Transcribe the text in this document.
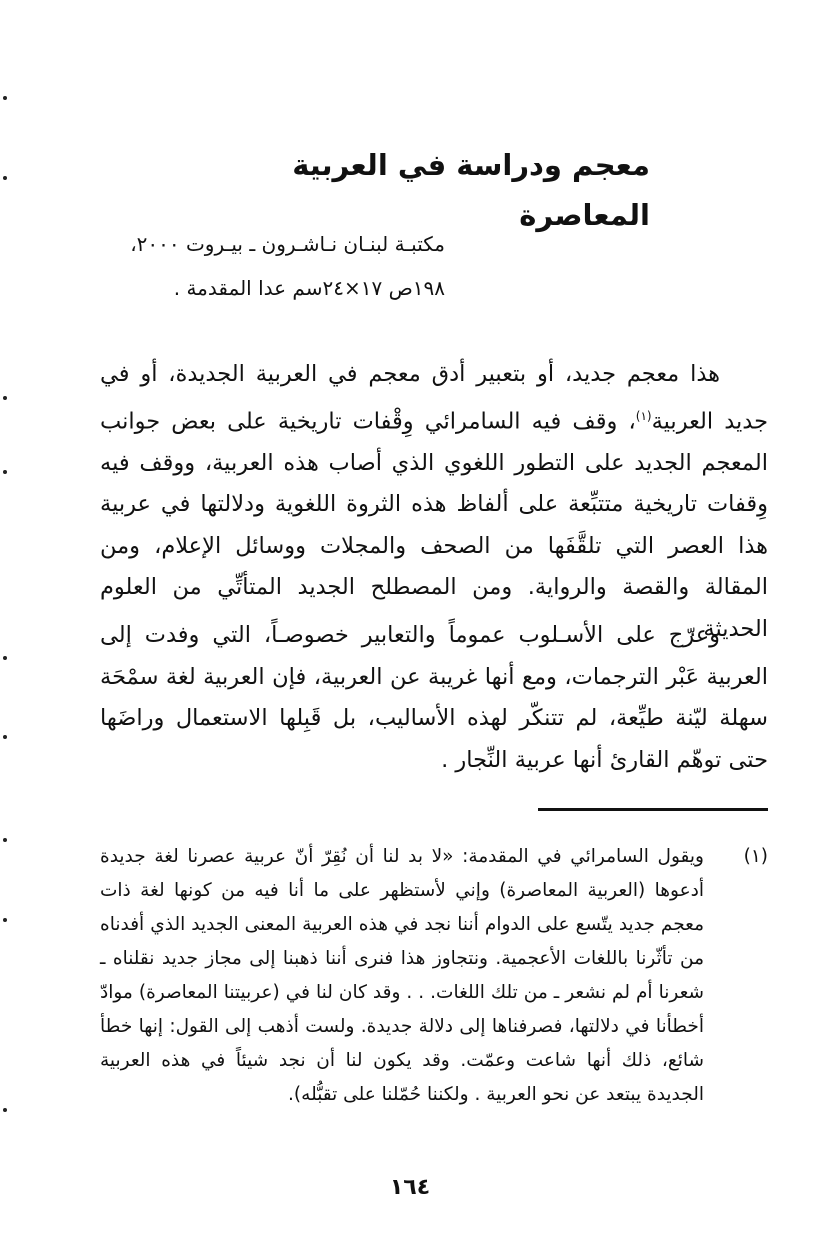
معجم ودراسة في العربية المعاصرة
مكتبـة لبنـان نـاشـرون ـ بيـروت ٢٠٠٠،
١٩٨ص ١٧×٢٤سم عدا المقدمة .

هذا معجم جديد، أو بتعبير أدق معجم في العربية الجديدة، أو في جديد العربية$^{(١)}$، وقف فيه السامرائي وِقْفات تاريخية على بعض جوانب المعجم الجديد على التطور اللغوي الذي أصاب هذه العربية، ووقف فيه وِقفات تاريخية متتبِّعة على ألفاظ هذه الثروة اللغوية ودلالتها في عربية هذا العصر التي تلقَّفَها من الصحف والمجلات ووسائل الإعلام، ومن المقالة والقصة والرواية. ومن المصطلح الجديد المتأتِّي من العلوم الحديثة .

وعرّج على الأسـلوب عموماً والتعابير خصوصـاً، التي وفدت إلى العربية عَبْر الترجمات، ومع أنها غريبة عن العربية، فإن العربية لغة سمْحَة سهلة ليّنة طيِّعة، لم تتنكّر لهذه الأساليب، بل قَبِلها الاستعمال وراضَها حتى توهّم القارئ أنها عربية النِّجار .

(١)
ويقول السامرائي في المقدمة: «لا بد لنا أن نُقِرّ أنّ عربية عصرنا لغة جديدة أدعوها (العربية المعاصرة) وإني لأستظهر على ما أنا فيه من كونها لغة ذات معجم جديد يتّسع على الدوام أننا نجد في هذه العربية المعنى الجديد الذي أفدناه من تأثّرنا باللغات الأعجمية. ونتجاوز هذا فنرى أننا ذهبنا إلى مجاز جديد نقلناه ـ شعرنا أم لم نشعر ـ من تلك اللغات. . . وقد كان لنا في (عربيتنا المعاصرة) موادّ أخطأنا في دلالتها، فصرفناها إلى دلالة جديدة. ولست أذهب إلى القول: إنها خطأ شائع، ذلك أنها شاعت وعمّت. وقد يكون لنا أن نجد شيئاً في هذه العربية الجديدة يبتعد عن نحو العربية . ولكننا حُمّلنا على تقبُّله).
١٦٤
